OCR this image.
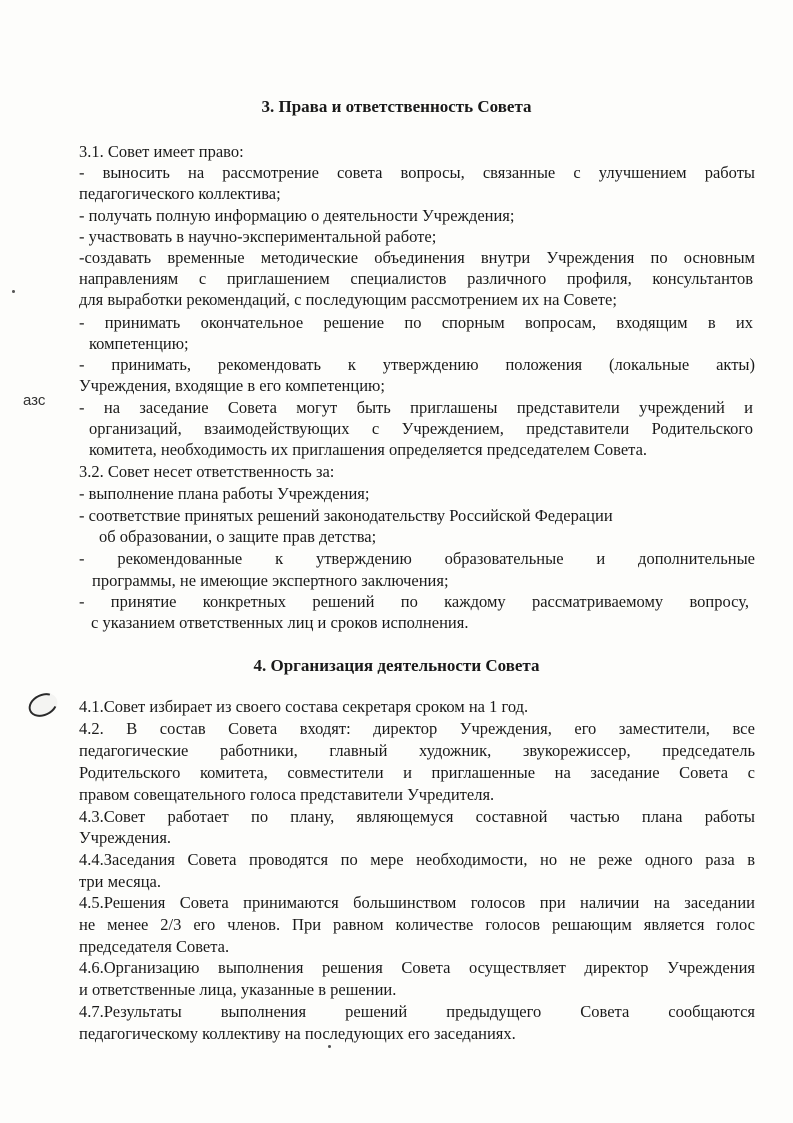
азс
3. Права и ответственность Совета

3.1. Совет имеет право:

- выносить на рассмотрение совета вопросы, связанные с улучшением работы

педагогического коллектива;

- получать полную информацию о деятельности Учреждения;

- участвовать в научно-экспериментальной работе;

-создавать временные методические объединения внутри Учреждения по основным

направлениям с приглашением специалистов различного профиля, консультантов

для выработки рекомендаций, с последующим рассмотрением их на Совете;

- принимать окончательное решение по спорным вопросам, входящим в их

компетенцию;

- принимать, рекомендовать к утверждению положения (локальные акты)

Учреждения, входящие в его компетенцию;

- на заседание Совета могут быть приглашены представители учреждений и

организаций, взаимодействующих с Учреждением, представители Родительского

комитета, необходимость их приглашения определяется председателем Совета.

3.2. Совет несет ответственность за:

- выполнение плана работы Учреждения;

- соответствие принятых решений законодательству Российской Федерации

об образовании, о защите прав детства;

- рекомендованные к утверждению образовательные и дополнительные

программы, не имеющие экспертного заключения;

- принятие конкретных решений по каждому рассматриваемому вопросу,

с указанием ответственных лиц и сроков исполнения.

4. Организация деятельности Совета

4.1.Совет избирает из своего состава секретаря сроком на 1 год.

4.2. В состав Совета входят: директор Учреждения, его заместители, все

педагогические работники, главный художник, звукорежиссер, председатель

Родительского комитета, совместители и приглашенные на заседание Совета с

правом совещательного голоса представители Учредителя.

4.3.Совет работает по плану, являющемуся составной частью плана работы

Учреждения.

4.4.Заседания Совета проводятся по мере необходимости, но не реже одного раза в

три месяца.

4.5.Решения Совета принимаются большинством голосов при наличии на заседании

не менее 2/3 его членов. При равном количестве голосов решающим является голос

председателя Совета.

4.6.Организацию выполнения решения Совета осуществляет директор Учреждения

и ответственные лица, указанные в решении.

4.7.Результаты выполнения решений предыдущего Совета сообщаются

педагогическому коллективу на последующих его заседаниях.
